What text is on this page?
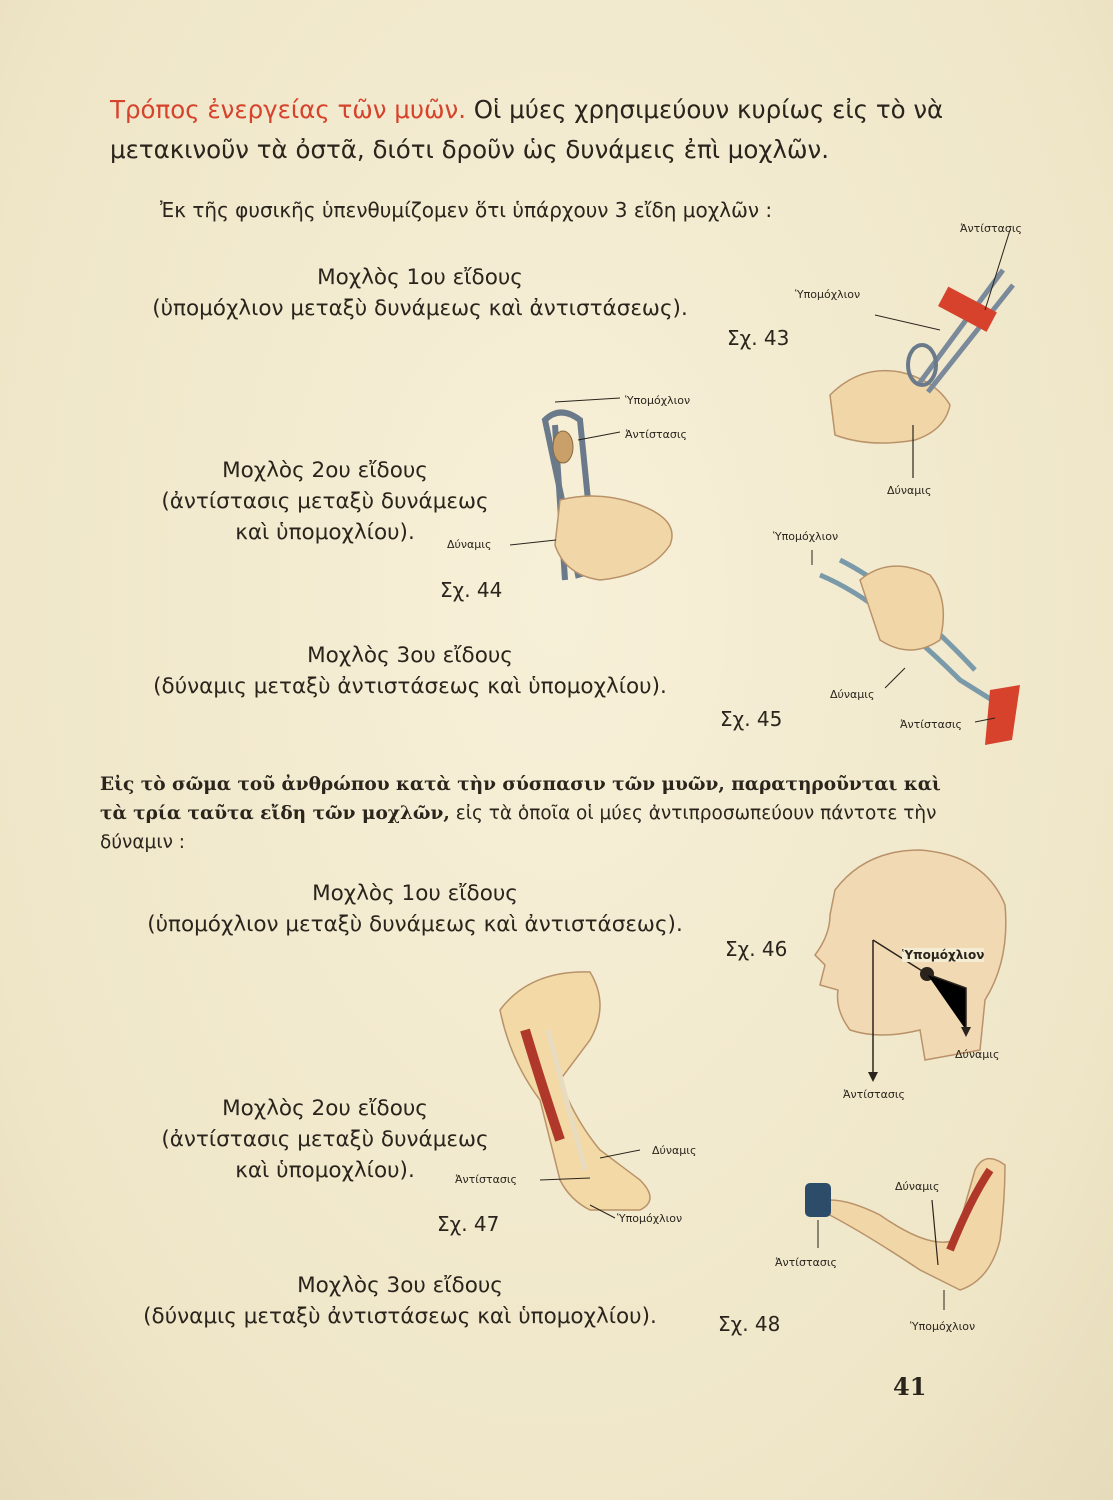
Τρόπος ἐνεργείας τῶν μυῶν. Οἱ μύες χρησιμεύουν κυρίως εἰς τὸ νὰ μετακινοῦν τὰ ὀστᾶ, διότι δροῦν ὡς δυνάμεις ἐπὶ μοχλῶν.
Ἐκ τῆς φυσικῆς ὑπενθυμίζομεν ὅτι ὑπάρχουν 3 εἴδη μοχλῶν :
Μοχλὸς 1ου εἴδους
(ὑπομόχλιον μεταξὺ δυνάμεως καὶ ἀντιστάσεως).
Σχ. 43
Μοχλὸς 2ου εἴδους
(ἀντίστασις μεταξὺ δυνάμεως
καὶ ὑπομοχλίου).
Σχ. 44
Μοχλὸς 3ου εἴδους
(δύναμις μεταξὺ ἀντιστάσεως καὶ ὑπομοχλίου).
Σχ. 45
Εἰς τὸ σῶμα τοῦ ἀνθρώπου κατὰ τὴν σύσπασιν τῶν μυῶν, παρατηροῦνται καὶ τὰ τρία ταῦτα εἴδη τῶν μοχλῶν, εἰς τὰ ὁποῖα οἱ μύες ἀντιπροσωπεύουν πάντοτε τὴν δύναμιν :
Μοχλὸς 1ου εἴδους
(ὑπομόχλιον μεταξὺ δυνάμεως καὶ ἀντιστάσεως).
Σχ. 46
Μοχλὸς 2ου εἴδους
(ἀντίστασις μεταξὺ δυνάμεως
καὶ ὑπομοχλίου).
Σχ. 47
Μοχλὸς 3ου εἴδους
(δύναμις μεταξὺ ἀντιστάσεως καὶ ὑπομοχλίου).	Σχ. 48
Ἀντίστασις
Ὑπομόχλιον
Δύναμις
Ὑπομόχλιον
Ἀντίστασις
Δύναμις
Ὑπομόχλιον
Δύναμις
Ἀντίστασις
Ὑπομόχλιον
Δύναμις
Ἀντίστασις
Δύναμις
Ἀντίστασις
Ὑπομόχλιον
Δύναμις
Ἀντίστασις
Ὑπομόχλιον
41
